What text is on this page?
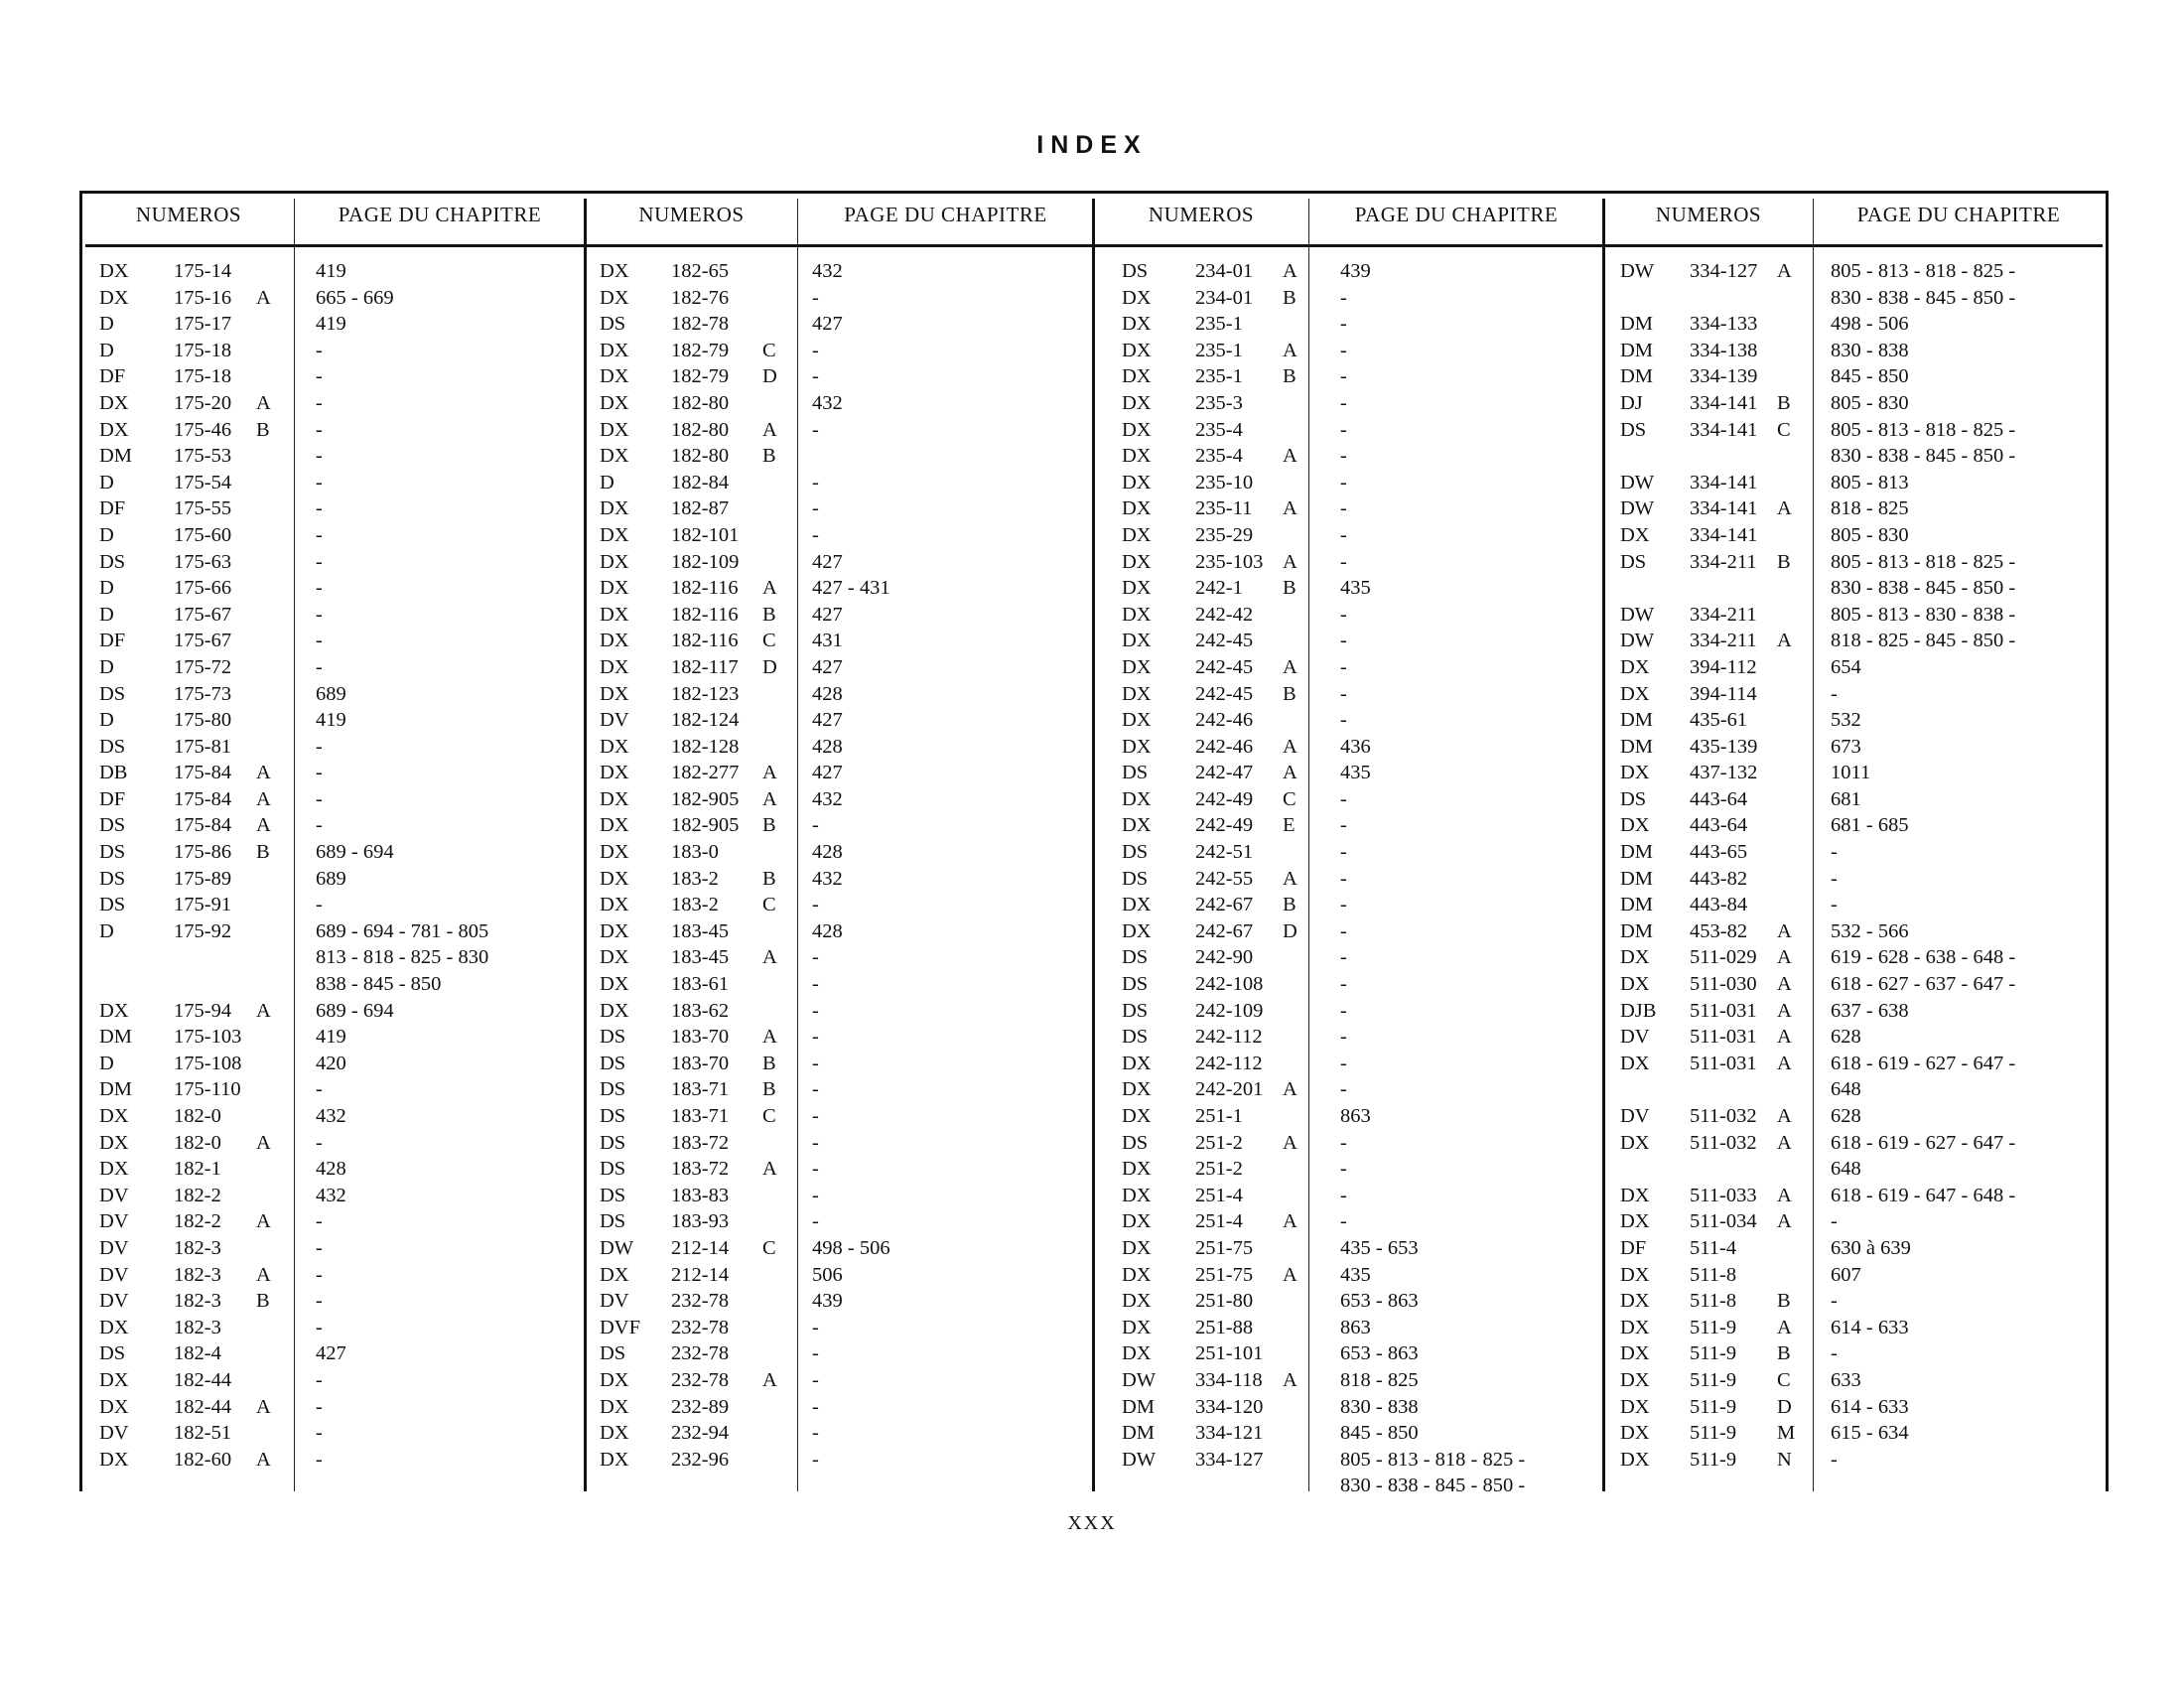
INDEX
NUMEROS	PAGE DU CHAPITRE	NUMEROS	PAGE DU CHAPITRE	NUMEROS	PAGE DU CHAPITRE	NUMEROS	PAGE DU CHAPITRE
DX 175-14	419
DX 175-16 A 665 - 669
D	175-17	419
D	175-18	-
DF 175-18	-
DX 175-20 A -
DX 175-46 B -
DM 175-53	-
D	175-54	-
DF 175-55	-
D	175-60	-
DS 175-63	-
D	175-66	-
D	175-67	-
DF 175-67	-
D	175-72	-
DS 175-73	689
D	175-80	419
DS 175-81	-
DB 175-84 A -
DF 175-84 A -
DS 175-84 A -
DS 175-86 B 689 - 694
DS 175-89	689
DS 175-91	-
D	175-92	689 - 694 - 781 - 805
813 - 818 - 825 - 830
838 - 845 - 850
DX 175-94 A 689 - 694
DM 175-103	419
D	175-108	420
DM 175-110	-
DX 182-0	432
DX 182-0 A -
DX 182-1	428
DV 182-2	432
DV 182-2 A -
DV 182-3	-
DV 182-3 A -
DV 182-3 B -
DX 182-3	-
DS 182-4	427
DX 182-44	-
DX 182-44 A -
DV 182-51	-
DX 182-60 A -
DX 182-65	432
DX 182-76	-
DS 182-78	427
DX 182-79 C -
DX 182-79 D -
DX 182-80	432
DX 182-80 A -
DX 182-80 B
D	182-84	-
DX 182-87	-
DX 182-101	-
DX 182-109	427
DX 182-116 A 427 - 431
DX 182-116 B 427
DX 182-116 C 431
DX 182-117 D 427
DX 182-123	428
DV 182-124	427
DX 182-128	428
DX 182-277 A 427
DX 182-905 A 432
DX 182-905 B -
DX 183-0	428
DX 183-2 B 432
DX 183-2 C -
DX 183-45	428
DX 183-45 A -
DX 183-61	-
DX 183-62	-
DS 183-70 A -
DS 183-70 B -
DS 183-71 B -
DS 183-71 C -
DS 183-72	-
DS 183-72 A -
DS 183-83	-
DS 183-93	-
DW 212-14 C 498 - 506
DX 212-14	506
DV 232-78	439
DVF 232-78	-
DS 232-78	-
DX 232-78 A -
DX 232-89	-
DX 232-94	-
DX 232-96	-
DS 234-01 A 439
DX 234-01 B -
DX 235-1	-
DX 235-1 A -
DX 235-1 B -
DX 235-3	-
DX 235-4	-
DX 235-4 A -
DX 235-10	-
DX 235-11 A -
DX 235-29	-
DX 235-103 A -
DX 242-1 B 435
DX 242-42	-
DX 242-45	-
DX 242-45 A -
DX 242-45 B -
DX 242-46	-
DX 242-46 A 436
DS 242-47 A 435
DX 242-49 C -
DX 242-49 E -
DS 242-51	-
DS 242-55 A -
DX 242-67 B -
DX 242-67 D -
DS 242-90	-
DS 242-108	-
DS 242-109	-
DS 242-112	-
DX 242-112	-
DX 242-201 A -
DX 251-1	863
DS 251-2 A -
DX 251-2	-
DX 251-4	-
DX 251-4 A -
DX 251-75	435 - 653
DX 251-75 A 435
DX 251-80	653 - 863
DX 251-88	863
DX 251-101	653 - 863
DW 334-118 A 818 - 825
DM 334-120	830 - 838
DM 334-121	845 - 850
DW 334-127	805 - 813 - 818 - 825 -
830 - 838 - 845 - 850 -
DW 334-127 A 805 - 813 - 818 - 825 -
830 - 838 - 845 - 850 -
DM 334-133	498 - 506
DM 334-138	830 - 838
DM 334-139	845 - 850
DJ 334-141 B 805 - 830
DS 334-141 C 805 - 813 - 818 - 825 -
830 - 838 - 845 - 850 -
DW 334-141	805 - 813
DW 334-141 A 818 - 825
DX 334-141	805 - 830
DS 334-211 B 805 - 813 - 818 - 825 -
830 - 838 - 845 - 850 -
DW 334-211	805 - 813 - 830 - 838 -
DW 334-211 A 818 - 825 - 845 - 850 -
DX 394-112	654
DX 394-114	-
DM 435-61	532
DM 435-139	673
DX 437-132	1011
DS 443-64	681
DX 443-64	681 - 685
DM 443-65	-
DM 443-82	-
DM 443-84	-
DM 453-82 A 532 - 566
DX 511-029 A 619 - 628 - 638 - 648 -
DX 511-030 A 618 - 627 - 637 - 647 -
DJB 511-031 A 637 - 638
DV 511-031 A 628
DX 511-031 A 618 - 619 - 627 - 647 -
648
DV 511-032 A 628
DX 511-032 A 618 - 619 - 627 - 647 -
648
DX 511-033 A 618 - 619 - 647 - 648 -
DX 511-034 A -
DF 511-4	630 à 639
DX 511-8	607
DX 511-8 B -
DX 511-9 A 614 - 633
DX 511-9 B -
DX 511-9 C 633
DX 511-9 D 614 - 633
DX 511-9 M 615 - 634
DX 511-9 N -
XXX
